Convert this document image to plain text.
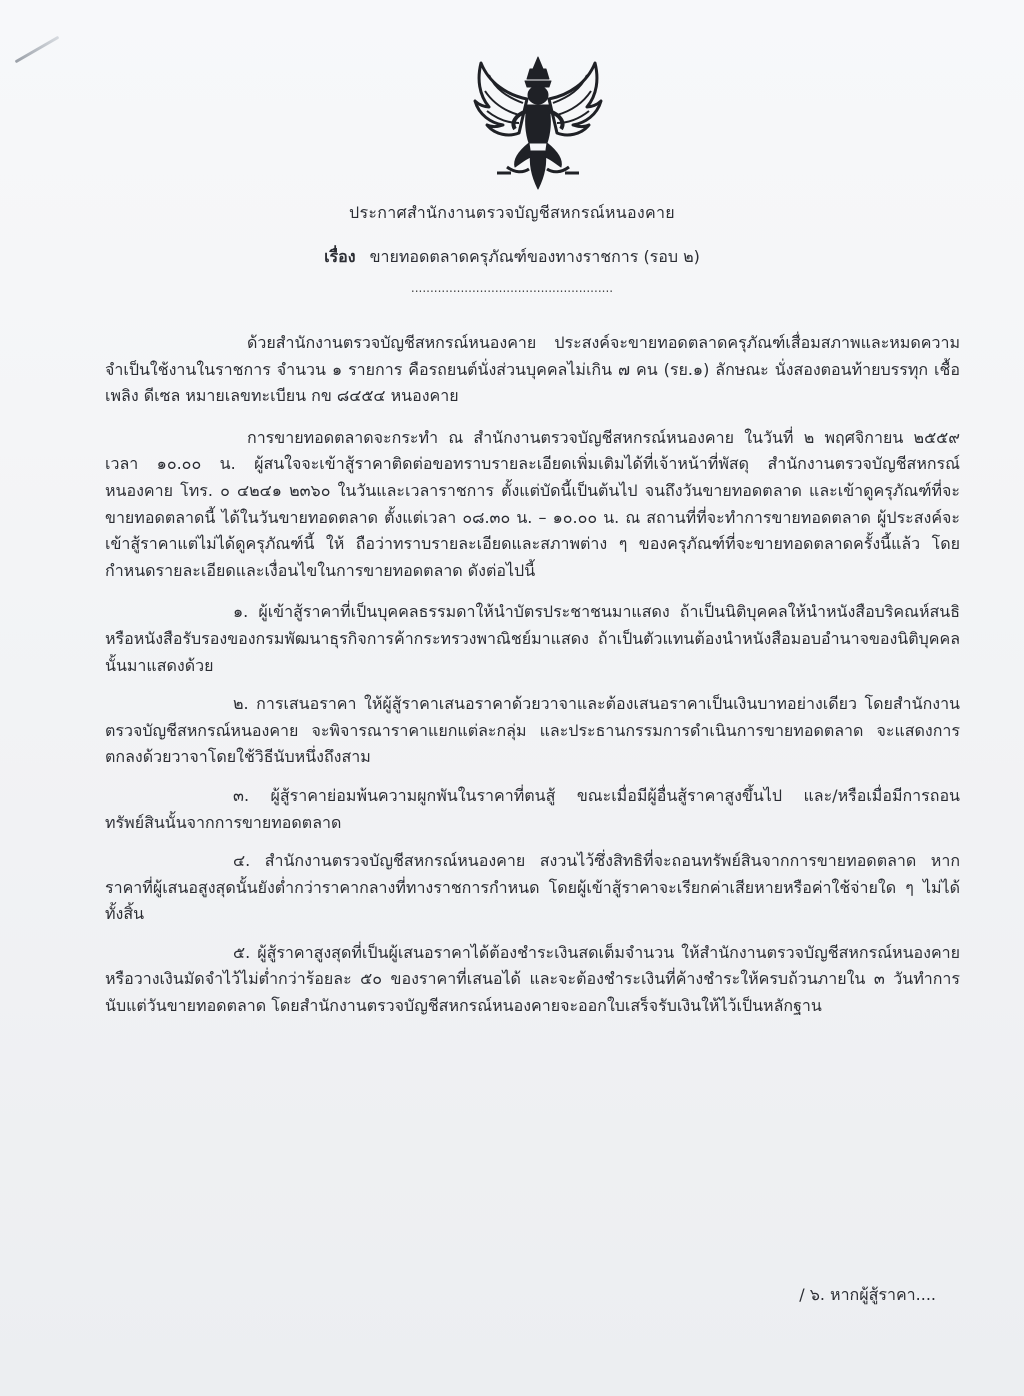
ประกาศสำนักงานตรวจบัญชีสหกรณ์หนองคาย
เรื่อง ขายทอดตลาดครุภัณฑ์ของทางราชการ (รอบ ๒)
.....................................................

ด้วยสำนักงานตรวจบัญชีสหกรณ์หนองคาย ประสงค์จะขายทอดตลาดครุภัณฑ์เสื่อมสภาพและหมดความจำเป็นใช้งานในราชการ จำนวน ๑ รายการ คือรถยนต์นั่งส่วนบุคคลไม่เกิน ๗ คน (รย.๑) ลักษณะ นั่งสองตอนท้ายบรรทุก เชื้อเพลิง ดีเซล หมายเลขทะเบียน กข ๘๔๕๔ หนองคาย

การขายทอดตลาดจะกระทำ ณ สำนักงานตรวจบัญชีสหกรณ์หนองคาย ในวันที่ ๒ พฤศจิกายน ๒๕๕๙ เวลา ๑๐.๐๐ น. ผู้สนใจจะเข้าสู้ราคาติดต่อขอทราบรายละเอียดเพิ่มเติมได้ที่เจ้าหน้าที่พัสดุ สำนักงานตรวจบัญชีสหกรณ์หนองคาย โทร. ๐ ๔๒๔๑ ๒๓๖๐ ในวันและเวลาราชการ ตั้งแต่บัดนี้เป็นต้นไป จนถึงวันขายทอดตลาด และเข้าดูครุภัณฑ์ที่จะขายทอดตลาดนี้ ได้ในวันขายทอดตลาด ตั้งแต่เวลา ๐๘.๓๐ น. – ๑๐.๐๐ น. ณ สถานที่ที่จะทำการขายทอดตลาด ผู้ประสงค์จะเข้าสู้ราคาแต่ไม่ได้ดูครุภัณฑ์นี้ ให้ ถือว่าทราบรายละเอียดและสภาพต่าง ๆ ของครุภัณฑ์ที่จะขายทอดตลาดครั้งนี้แล้ว โดยกำหนดรายละเอียดและเงื่อนไขในการขายทอดตลาด ดังต่อไปนี้

๑. ผู้เข้าสู้ราคาที่เป็นบุคคลธรรมดาให้นำบัตรประชาชนมาแสดง ถ้าเป็นนิติบุคคลให้นำหนังสือบริคณห์สนธิ หรือหนังสือรับรองของกรมพัฒนาธุรกิจการค้ากระทรวงพาณิชย์มาแสดง ถ้าเป็นตัวแทนต้องนำหนังสือมอบอำนาจของนิติบุคคลนั้นมาแสดงด้วย

๒. การเสนอราคา ให้ผู้สู้ราคาเสนอราคาด้วยวาจาและต้องเสนอราคาเป็นเงินบาทอย่างเดียว โดยสำนักงานตรวจบัญชีสหกรณ์หนองคาย จะพิจารณาราคาแยกแต่ละกลุ่ม และประธานกรรมการดำเนินการขายทอดตลาด จะแสดงการตกลงด้วยวาจาโดยใช้วิธีนับหนึ่งถึงสาม

๓. ผู้สู้ราคาย่อมพ้นความผูกพันในราคาที่ตนสู้ ขณะเมื่อมีผู้อื่นสู้ราคาสูงขึ้นไป และ/หรือเมื่อมีการถอนทรัพย์สินนั้นจากการขายทอดตลาด

๔. สำนักงานตรวจบัญชีสหกรณ์หนองคาย สงวนไว้ซึ่งสิทธิที่จะถอนทรัพย์สินจากการขายทอดตลาด หากราคาที่ผู้เสนอสูงสุดนั้นยังต่ำกว่าราคากลางที่ทางราชการกำหนด โดยผู้เข้าสู้ราคาจะเรียกค่าเสียหายหรือค่าใช้จ่ายใด ๆ ไม่ได้ทั้งสิ้น

๕. ผู้สู้ราคาสูงสุดที่เป็นผู้เสนอราคาได้ต้องชำระเงินสดเต็มจำนวน ให้สำนักงานตรวจบัญชีสหกรณ์หนองคาย หรือวางเงินมัดจำไว้ไม่ต่ำกว่าร้อยละ ๕๐ ของราคาที่เสนอได้ และจะต้องชำระเงินที่ค้างชำระให้ครบถ้วนภายใน ๓ วันทำการนับแต่วันขายทอดตลาด โดยสำนักงานตรวจบัญชีสหกรณ์หนองคายจะออกใบเสร็จรับเงินให้ไว้เป็นหลักฐาน

/ ๖. หากผู้สู้ราคา....
